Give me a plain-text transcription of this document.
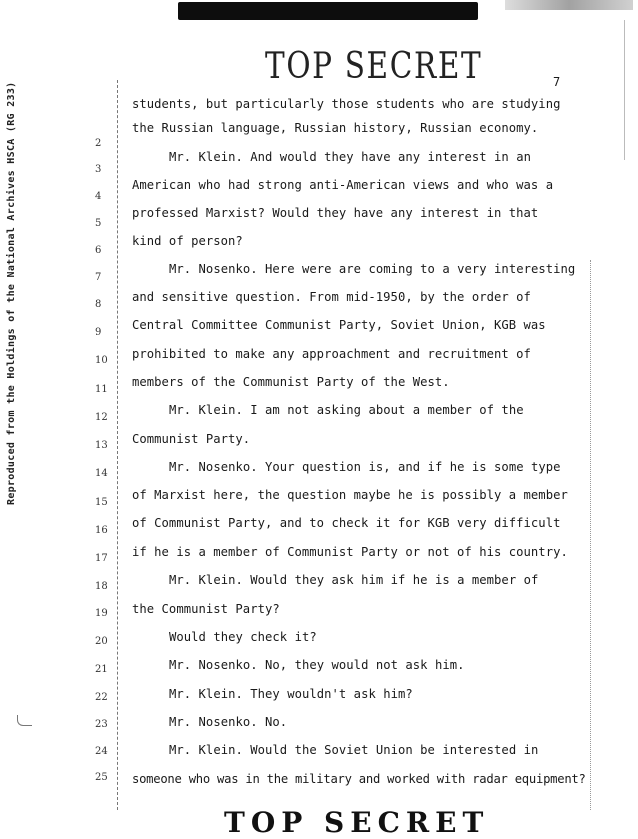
TOP SECRET	7
Reproduced from the Holdings of the National Archives HSCA (RG 233)	students, but particularly those students who are studying
the Russian language, Russian history, Russian economy.
Mr. Klein. And would they have any interest in an
American who had strong anti-American views and who was a
professed Marxist? Would they have any interest in that
kind of person?
Mr. Nosenko. Here were are coming to a very interesting
and sensitive question. From mid-1950, by the order of
Central Committee Communist Party, Soviet Union, KGB was
prohibited to make any approachment and recruitment of
members of the Communist Party of the West.
Mr. Klein. I am not asking about a member of the
Communist Party.
Mr. Nosenko. Your question is, and if he is some type
of Marxist here, the question maybe he is possibly a member
of Communist Party, and to check it for KGB very difficult
if he is a member of Communist Party or not of his country.
Mr. Klein. Would they ask him if he is a member of
the Communist Party?
Would they check it?
Mr. Nosenko. No, they would not ask him.
Mr. Klein. They wouldn't ask him?
Mr. Nosenko. No.
Mr. Klein. Would the Soviet Union be interested in
someone who was in the military and worked with radar equipment?
2
3
4
5
6
7
8
9
10
11
12
13
14
15
16
17
18
19
20
21
22
23
24
25
TOP SECRET
